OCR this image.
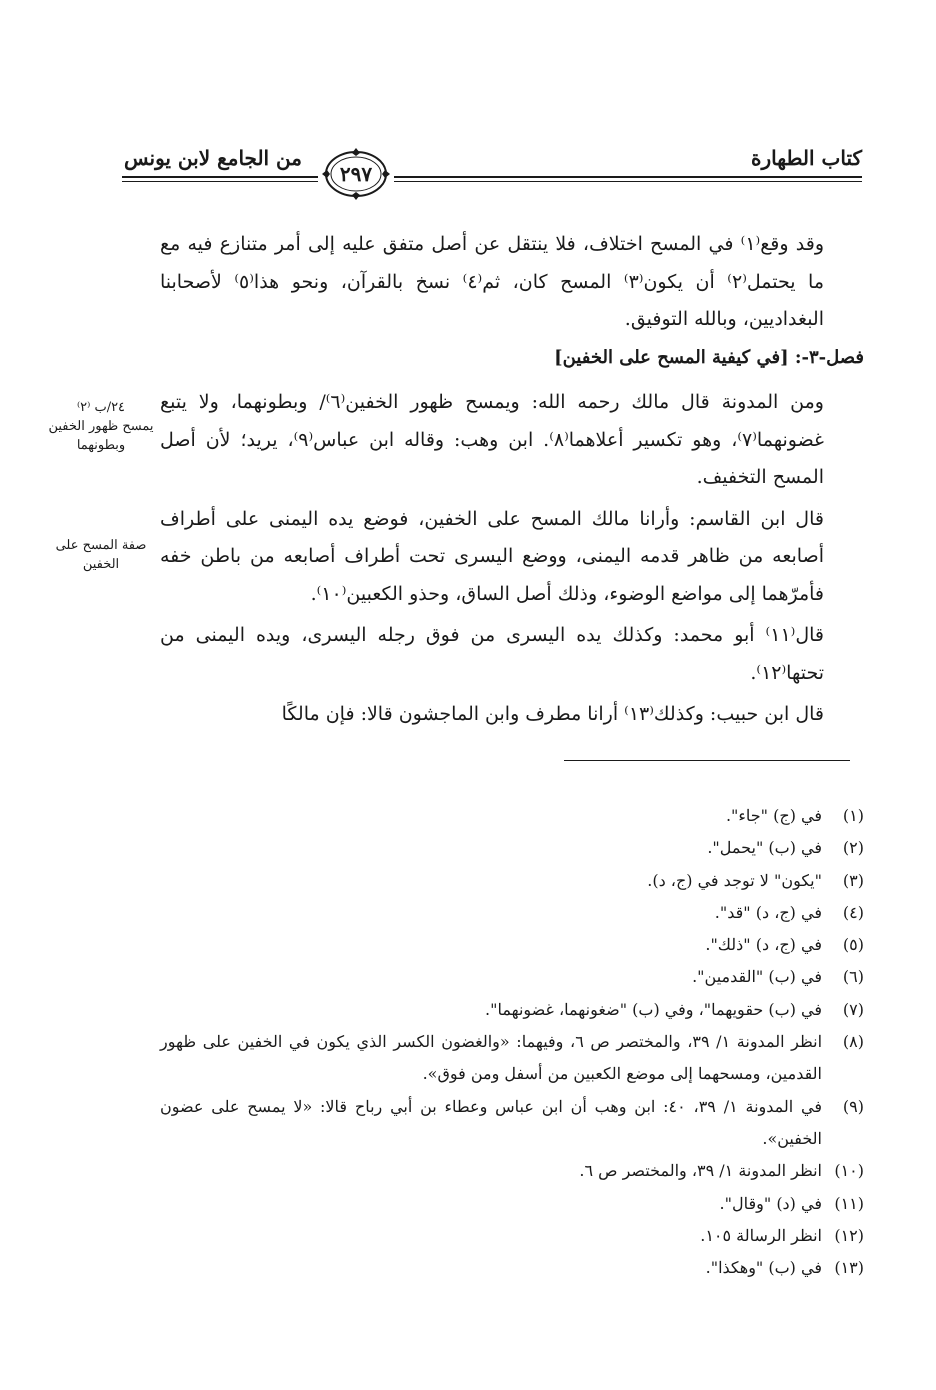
كتاب الطهارة
من الجامع لابن يونس
٢٩٧

وقد وقع⁽١⁾ في المسح اختلاف، فلا ينتقل عن أصل متفق عليه إلى أمر متنازع فيه مع ما يحتمل⁽٢⁾ أن يكون⁽٣⁾ المسح كان، ثم⁽٤⁾ نسخ بالقرآن، ونحو هذا⁽٥⁾ لأصحابنا البغداديين، وبالله التوفيق.

فصل-٣-: [في كيفية المسح على الخفين]

ومن المدونة قال مالك رحمه الله: ويمسح ظهور الخفين⁽٦⁾/ وبطونهما، ولا يتبع غضونهما⁽٧⁾، وهو تكسير أعلاهما⁽٨⁾. ابن وهب: وقاله ابن عباس⁽٩⁾، يريد؛ لأن أصل المسح التخفيف.

قال ابن القاسم: وأرانا مالك المسح على الخفين، فوضع يده اليمنى على أطراف أصابعه من ظاهر قدمه اليمنى، ووضع اليسرى تحت أطراف أصابعه من باطن خفه فأمرّهما إلى مواضع الوضوء، وذلك أصل الساق، وحذو الكعبين⁽١٠⁾.

قال⁽١١⁾ أبو محمد: وكذلك يده اليسرى من فوق رجله اليسرى، ويده اليمنى من تحتها⁽١٢⁾.

قال ابن حبيب: وكذلك⁽١٣⁾ أرانا مطرف وابن الماجشون قالا: فإن مالكًا

٢٤/ب ⁽٢⁾
يمسح ظهور الخفين وبطونهما
صفة المسح على الخفين
(١)
في (ج) "جاء".
(٢)
في (ب) "يحمل".
(٣)
"يكون" لا توجد في (ج، د).
(٤)
في (ج، د) "قد".
(٥)
في (ج، د) "ذلك".
(٦)
في (ب) "القدمين".
(٧)
في (ب) حقويهما"، وفي (ب) "ضغونهما، غضونهما".
(٨)
انظر المدونة ١/ ٣٩، والمختصر ص ٦، وفيهما: «والغضون الكسر الذي يكون في الخفين على ظهور القدمين، ومسحهما إلى موضع الكعبين من أسفل ومن فوق».
(٩)
في المدونة ١/ ٣٩، ٤٠: ابن وهب أن ابن عباس وعطاء بن أبي رباح قالا: «لا يمسح على عضون الخفين».
(١٠)
انظر المدونة ١/ ٣٩، والمختصر ص ٦.
(١١)
في (د) "وقال".
(١٢)
انظر الرسالة ١٠٥.
(١٣)
في (ب) "وهكذا".
